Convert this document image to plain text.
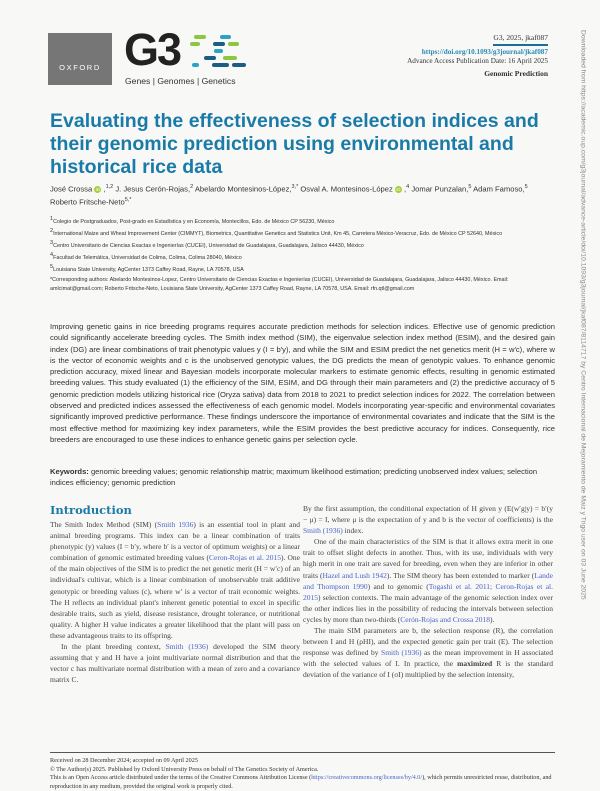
OXFORD G3
Genes | Genomes | Genetics
G3, 2025, jkaf087
https://doi.org/10.1093/g3journal/jkaf087
Advance Access Publication Date: 16 April 2025
Genomic Prediction	Downloaded from https://academic.oup.com/g3journal/advance-article/doi/10.1093/g3journal/jkaf087/8114717 by Centro Internacional de Mejoramiento de Maiz y Trigo user on 03 June 2025
Evaluating the effectiveness of selection indices and their genomic prediction using environmental and historical rice data
José Crossa iD ,$^{1,2}$ J. Jesus Cerón-Rojas,$^2$ Abelardo Montesinos-López,$^{3,*}$ Osval A. Montesinos-López iD ,$^4$ Jomar Punzalan,$^5$ Adam Famoso,$^5$ Roberto Fritsche-Neto$^{5,*}$
$^1$Colegio de Postgraduados, Post-grado en Estadística y en Economía, Montecillos, Edo. de México CP 56230, México
$^2$International Maize and Wheat Improvement Center (CIMMYT), Biometrics, Quantitative Genetics and Statistics Unit, Km 45, Carretera México-Veracruz, Edo. de México CP 52640, México
$^3$Centro Universitario de Ciencias Exactas e Ingenierías (CUCEI), Universidad de Guadalajara, Guadalajara, Jalisco 44430, México
$^4$Facultad de Telemática, Universidad de Colima, Colima, Colima 28040, México
$^5$Louisiana State University, AgCenter 1373 Caffey Road, Rayne, LA 70578, USA
*Corresponding authors: Abelardo Montesinos-Lopez, Centro Universitario de Ciencias Exactas e Ingenierías (CUCEI), Universidad de Guadalajara, Guadalajara, Jalisco 44430, México. Email: amlcimat@gmail.com; Roberto Fritsche-Neto, Louisiana State University, AgCenter 1373 Caffey Road, Rayne, LA 70578, USA. Email: rfn.qtl@gmail.com
Improving genetic gains in rice breeding programs requires accurate prediction methods for selection indices. Effective use of genomic prediction could significantly accelerate breeding cycles. The Smith index method (SIM), the eigenvalue selection index method (ESIM), and the desired gain index (DG) are linear combinations of trait phenotypic values y (I = b′y), and while the SIM and ESIM predict the net genetics merit (H = w′c), where w is the vector of economic weights and c is the unobserved genotypic values, the DG predicts the mean of genotypic values. To enhance genomic prediction accuracy, mixed linear and Bayesian models incorporate molecular markers to estimate genomic effects, resulting in genomic estimated breeding values. This study evaluated (1) the efficiency of the SIM, ESIM, and DG through their main parameters and (2) the predictive accuracy of 5 genomic prediction models utilizing historical rice (Oryza sativa) data from 2018 to 2021 to predict selection indices for 2022. The correlation between observed and predicted indices assessed the effectiveness of each genomic model. Models incorporating year-specific and environmental covariates significantly improved predictive performance. These findings underscore the importance of environmental covariates and indicate that the SIM is the most effective method for maximizing key index parameters, while the ESIM provides the best predictive accuracy for indices. Consequently, rice breeders are encouraged to use these indices to enhance genetic gains per selection cycle.
Keywords: genomic breeding values; genomic relationship matrix; maximum likelihood estimation; predicting unobserved index values; selection indices efficiency; genomic prediction
Introduction

The Smith Index Method (SIM) (Smith 1936) is an essential tool in plant and animal breeding programs. This index can be a linear combination of traits phenotypic (y) values (I = b′y, where b′ is a vector of optimum weights) or a linear combination of genomic estimated breeding values (Ceron-Rojas et al. 2015). One of the main objectives of the SIM is to predict the net genetic merit (H = w′c) of an individual's cultivar, which is a linear combination of unobservable trait additive genotypic or breeding values (c), where w′ is a vector of trait economic weights. The H reflects an individual plant's inherent genetic potential to excel in specific desirable traits, such as yield, disease resistance, drought tolerance, or nutritional quality. A higher H value indicates a greater likelihood that the plant will pass on these advantageous traits to its offspring.

In the plant breeding context, Smith (1936) developed the SIM theory assuming that y and H have a joint multivariate normal distribution and that the vector c has multivariate normal distribution with a mean of zero and a covariance matrix C.

By the first assumption, the conditional expectation of H given y (E(w′g|y) = b′(y − μ) = I, where μ is the expectation of y and b is the vector of coefficients) is the Smith (1936) index.

One of the main characteristics of the SIM is that it allows extra merit in one trait to offset slight defects in another. Thus, with its use, individuals with very high merit in one trait are saved for breeding, even when they are inferior in other traits (Hazel and Lush 1942). The SIM theory has been extended to marker (Lande and Thompson 1990) and to genomic (Togashi et al. 2011; Ceron-Rojas et al. 2015) selection contexts. The main advantage of the genomic selection index over the other indices lies in the possibility of reducing the intervals between selection cycles by more than two-thirds (Cerón-Rojas and Crossa 2018).

The main SIM parameters are b, the selection response (R), the correlation between I and H (ρHI), and the expected genetic gain per trait (E). The selection response was defined by Smith (1936) as the mean improvement in H associated with the selected values of I. In practice, the maximized R is the standard deviation of the variance of I (σI) multiplied by the selection intensity,

Received on 28 December 2024; accepted on 09 April 2025
© The Author(s) 2025. Published by Oxford University Press on behalf of The Genetics Society of America.
This is an Open Access article distributed under the terms of the Creative Commons Attribution License (https://creativecommons.org/licenses/by/4.0/), which permits unrestricted reuse, distribution, and reproduction in any medium, provided the original work is properly cited.
